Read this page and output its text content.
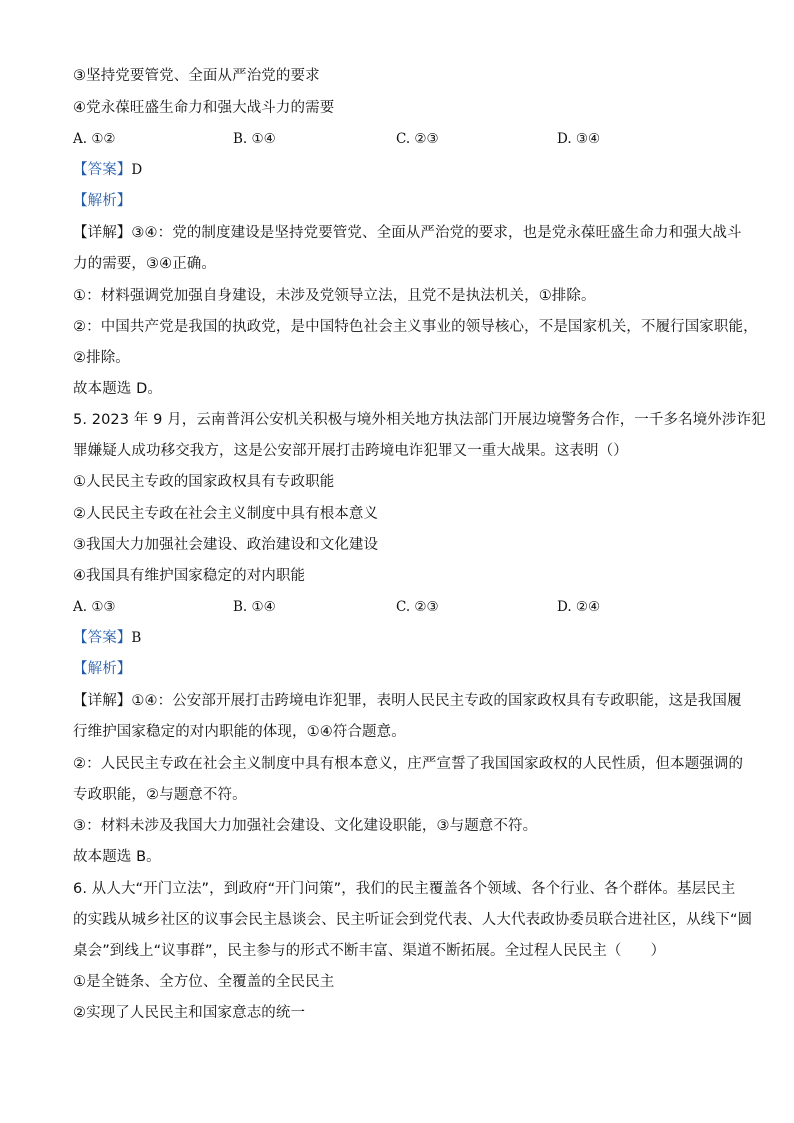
③坚持党要管党、全面从严治党的要求
④党永葆旺盛生命力和强大战斗力的需要
A. ①②	B. ①④	C. ②③	D. ③④
【答案】D
【解析】
【详解】③④：党的制度建设是坚持党要管党、全面从严治党的要求，也是党永葆旺盛生命力和强大战斗
力的需要，③④正确。
①：材料强调党加强自身建设，未涉及党领导立法，且党不是执法机关，①排除。
②：中国共产党是我国的执政党，是中国特色社会主义事业的领导核心，不是国家机关，不履行国家职能，
②排除。
故本题选 D。
5. 2023 年 9 月，云南普洱公安机关积极与境外相关地方执法部门开展边境警务合作，一千多名境外涉诈犯
罪嫌疑人成功移交我方，这是公安部开展打击跨境电诈犯罪又一重大战果。这表明（）
①人民民主专政的国家政权具有专政职能
②人民民主专政在社会主义制度中具有根本意义
③我国大力加强社会建设、政治建设和文化建设
④我国具有维护国家稳定的对内职能
A. ①③	B. ①④	C. ②③	D. ②④
【答案】B
【解析】
【详解】①④：公安部开展打击跨境电诈犯罪，表明人民民主专政的国家政权具有专政职能，这是我国履
行维护国家稳定的对内职能的体现，①④符合题意。
②：人民民主专政在社会主义制度中具有根本意义，庄严宣誓了我国国家政权的人民性质，但本题强调的
专政职能，②与题意不符。
③：材料未涉及我国大力加强社会建设、文化建设职能，③与题意不符。
故本题选 B。
6. 从人大“开门立法”，到政府“开门问策”，我们的民主覆盖各个领域、各个行业、各个群体。基层民主
的实践从城乡社区的议事会民主恳谈会、民主听证会到党代表、人大代表政协委员联合进社区，从线下“圆
桌会”到线上“议事群”，民主参与的形式不断丰富、渠道不断拓展。全过程人民民主（　　）
①是全链条、全方位、全覆盖的全民民主
②实现了人民民主和国家意志的统一
